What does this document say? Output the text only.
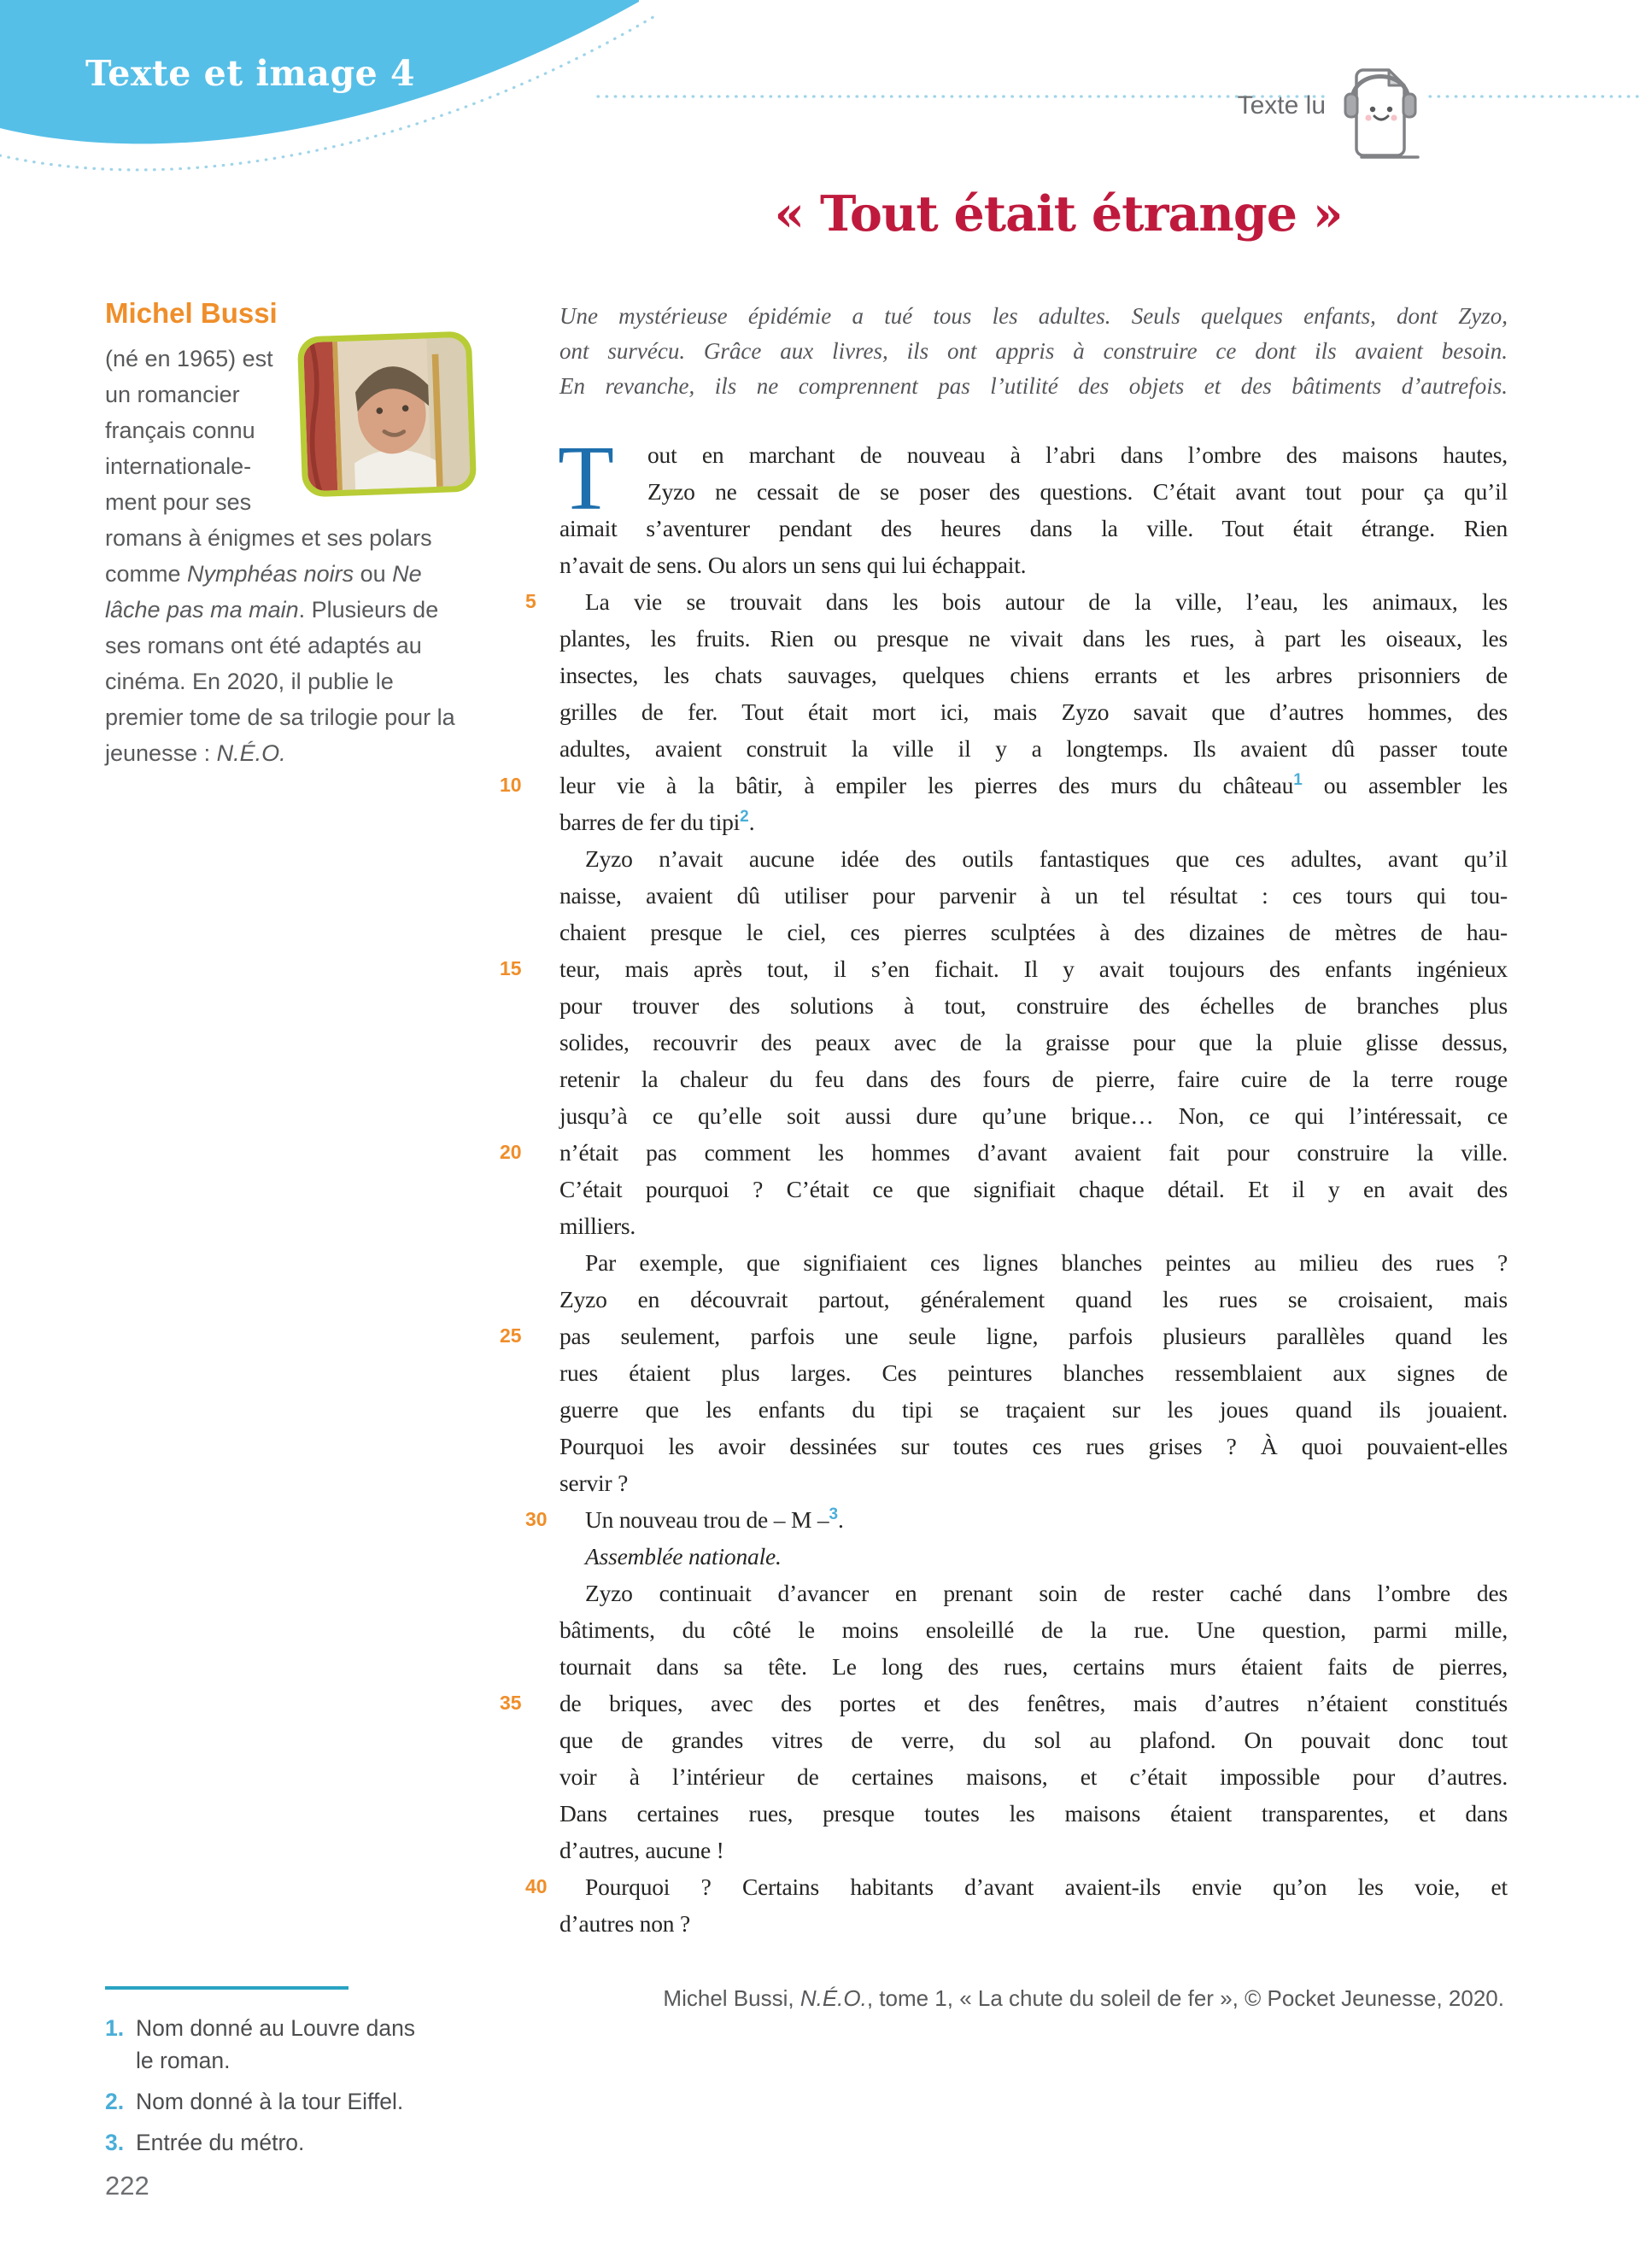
Texte et image 4
Texte lu
« Tout était étrange »
Michel Bussi

(né en 1965) est un romancier français connu internationalement pour ses romans à énigmes et ses polars comme Nymphéas noirs ou Ne lâche pas ma main. Plusieurs de ses romans ont été adaptés au cinéma. En 2020, il publie le premier tome de sa trilogie pour la jeunesse : N.É.O.

Une mystérieuse épidémie a tué tous les adultes. Seuls quelques enfants, dont Zyzo,
ont survécu. Grâce aux livres, ils ont appris à construire ce dont ils avaient besoin.
En revanche, ils ne comprennent pas l’utilité des objets et des bâtiments d’autrefois.
T	out en marchant de nouveau à l’abri dans l’ombre des maisons hautes,
Zyzo ne cessait de se poser des questions. C’était avant tout pour ça qu’il
aimait s’aventurer pendant des heures dans la ville. Tout était étrange. Rien
n’avait de sens. Ou alors un sens qui lui échappait.
5	La vie se trouvait dans les bois autour de la ville, l’eau, les animaux, les
plantes, les fruits. Rien ou presque ne vivait dans les rues, à part les oiseaux, les
insectes, les chats sauvages, quelques chiens errants et les arbres prisonniers de
grilles de fer. Tout était mort ici, mais Zyzo savait que d’autres hommes, des
adultes, avaient construit la ville il y a longtemps. Ils avaient dû passer toute
10	leur vie à la bâtir, à empiler les pierres des murs du château$^1$ ou assembler les
barres de fer du tipi$^2$.
Zyzo n’avait aucune idée des outils fantastiques que ces adultes, avant qu’il
naisse, avaient dû utiliser pour parvenir à un tel résultat : ces tours qui tou-
chaient presque le ciel, ces pierres sculptées à des dizaines de mètres de hau-
15	teur, mais après tout, il s’en fichait. Il y avait toujours des enfants ingénieux
pour trouver des solutions à tout, construire des échelles de branches plus
solides, recouvrir des peaux avec de la graisse pour que la pluie glisse dessus,
retenir la chaleur du feu dans des fours de pierre, faire cuire de la terre rouge
jusqu’à ce qu’elle soit aussi dure qu’une brique… Non, ce qui l’intéressait, ce
20	n’était pas comment les hommes d’avant avaient fait pour construire la ville.
C’était pourquoi ? C’était ce que signifiait chaque détail. Et il y en avait des
milliers.
Par exemple, que signifiaient ces lignes blanches peintes au milieu des rues ?
Zyzo en découvrait partout, généralement quand les rues se croisaient, mais
25	pas seulement, parfois une seule ligne, parfois plusieurs parallèles quand les
rues étaient plus larges. Ces peintures blanches ressemblaient aux signes de
guerre que les enfants du tipi se traçaient sur les joues quand ils jouaient.
Pourquoi les avoir dessinées sur toutes ces rues grises ? À quoi pouvaient-elles
servir ?
30 Un nouveau trou de – M –$^3$.
Assemblée nationale.
Zyzo continuait d’avancer en prenant soin de rester caché dans l’ombre des
bâtiments, du côté le moins ensoleillé de la rue. Une question, parmi mille,
tournait dans sa tête. Le long des rues, certains murs étaient faits de pierres,
35	de briques, avec des portes et des fenêtres, mais d’autres n’étaient constitués
que de grandes vitres de verre, du sol au plafond. On pouvait donc tout
voir à l’intérieur de certaines maisons, et c’était impossible pour d’autres.
Dans certaines rues, presque toutes les maisons étaient transparentes, et dans
d’autres, aucune !
40 Pourquoi ? Certains habitants d’avant avaient-ils envie qu’on les voie, et
d’autres non ?
Michel Bussi, N.É.O., tome 1, « La chute du soleil de fer », © Pocket Jeunesse, 2020.
1. Nom donné au Louvre dans le roman.
2. Nom donné à la tour Eiffel.
3. Entrée du métro.
222
